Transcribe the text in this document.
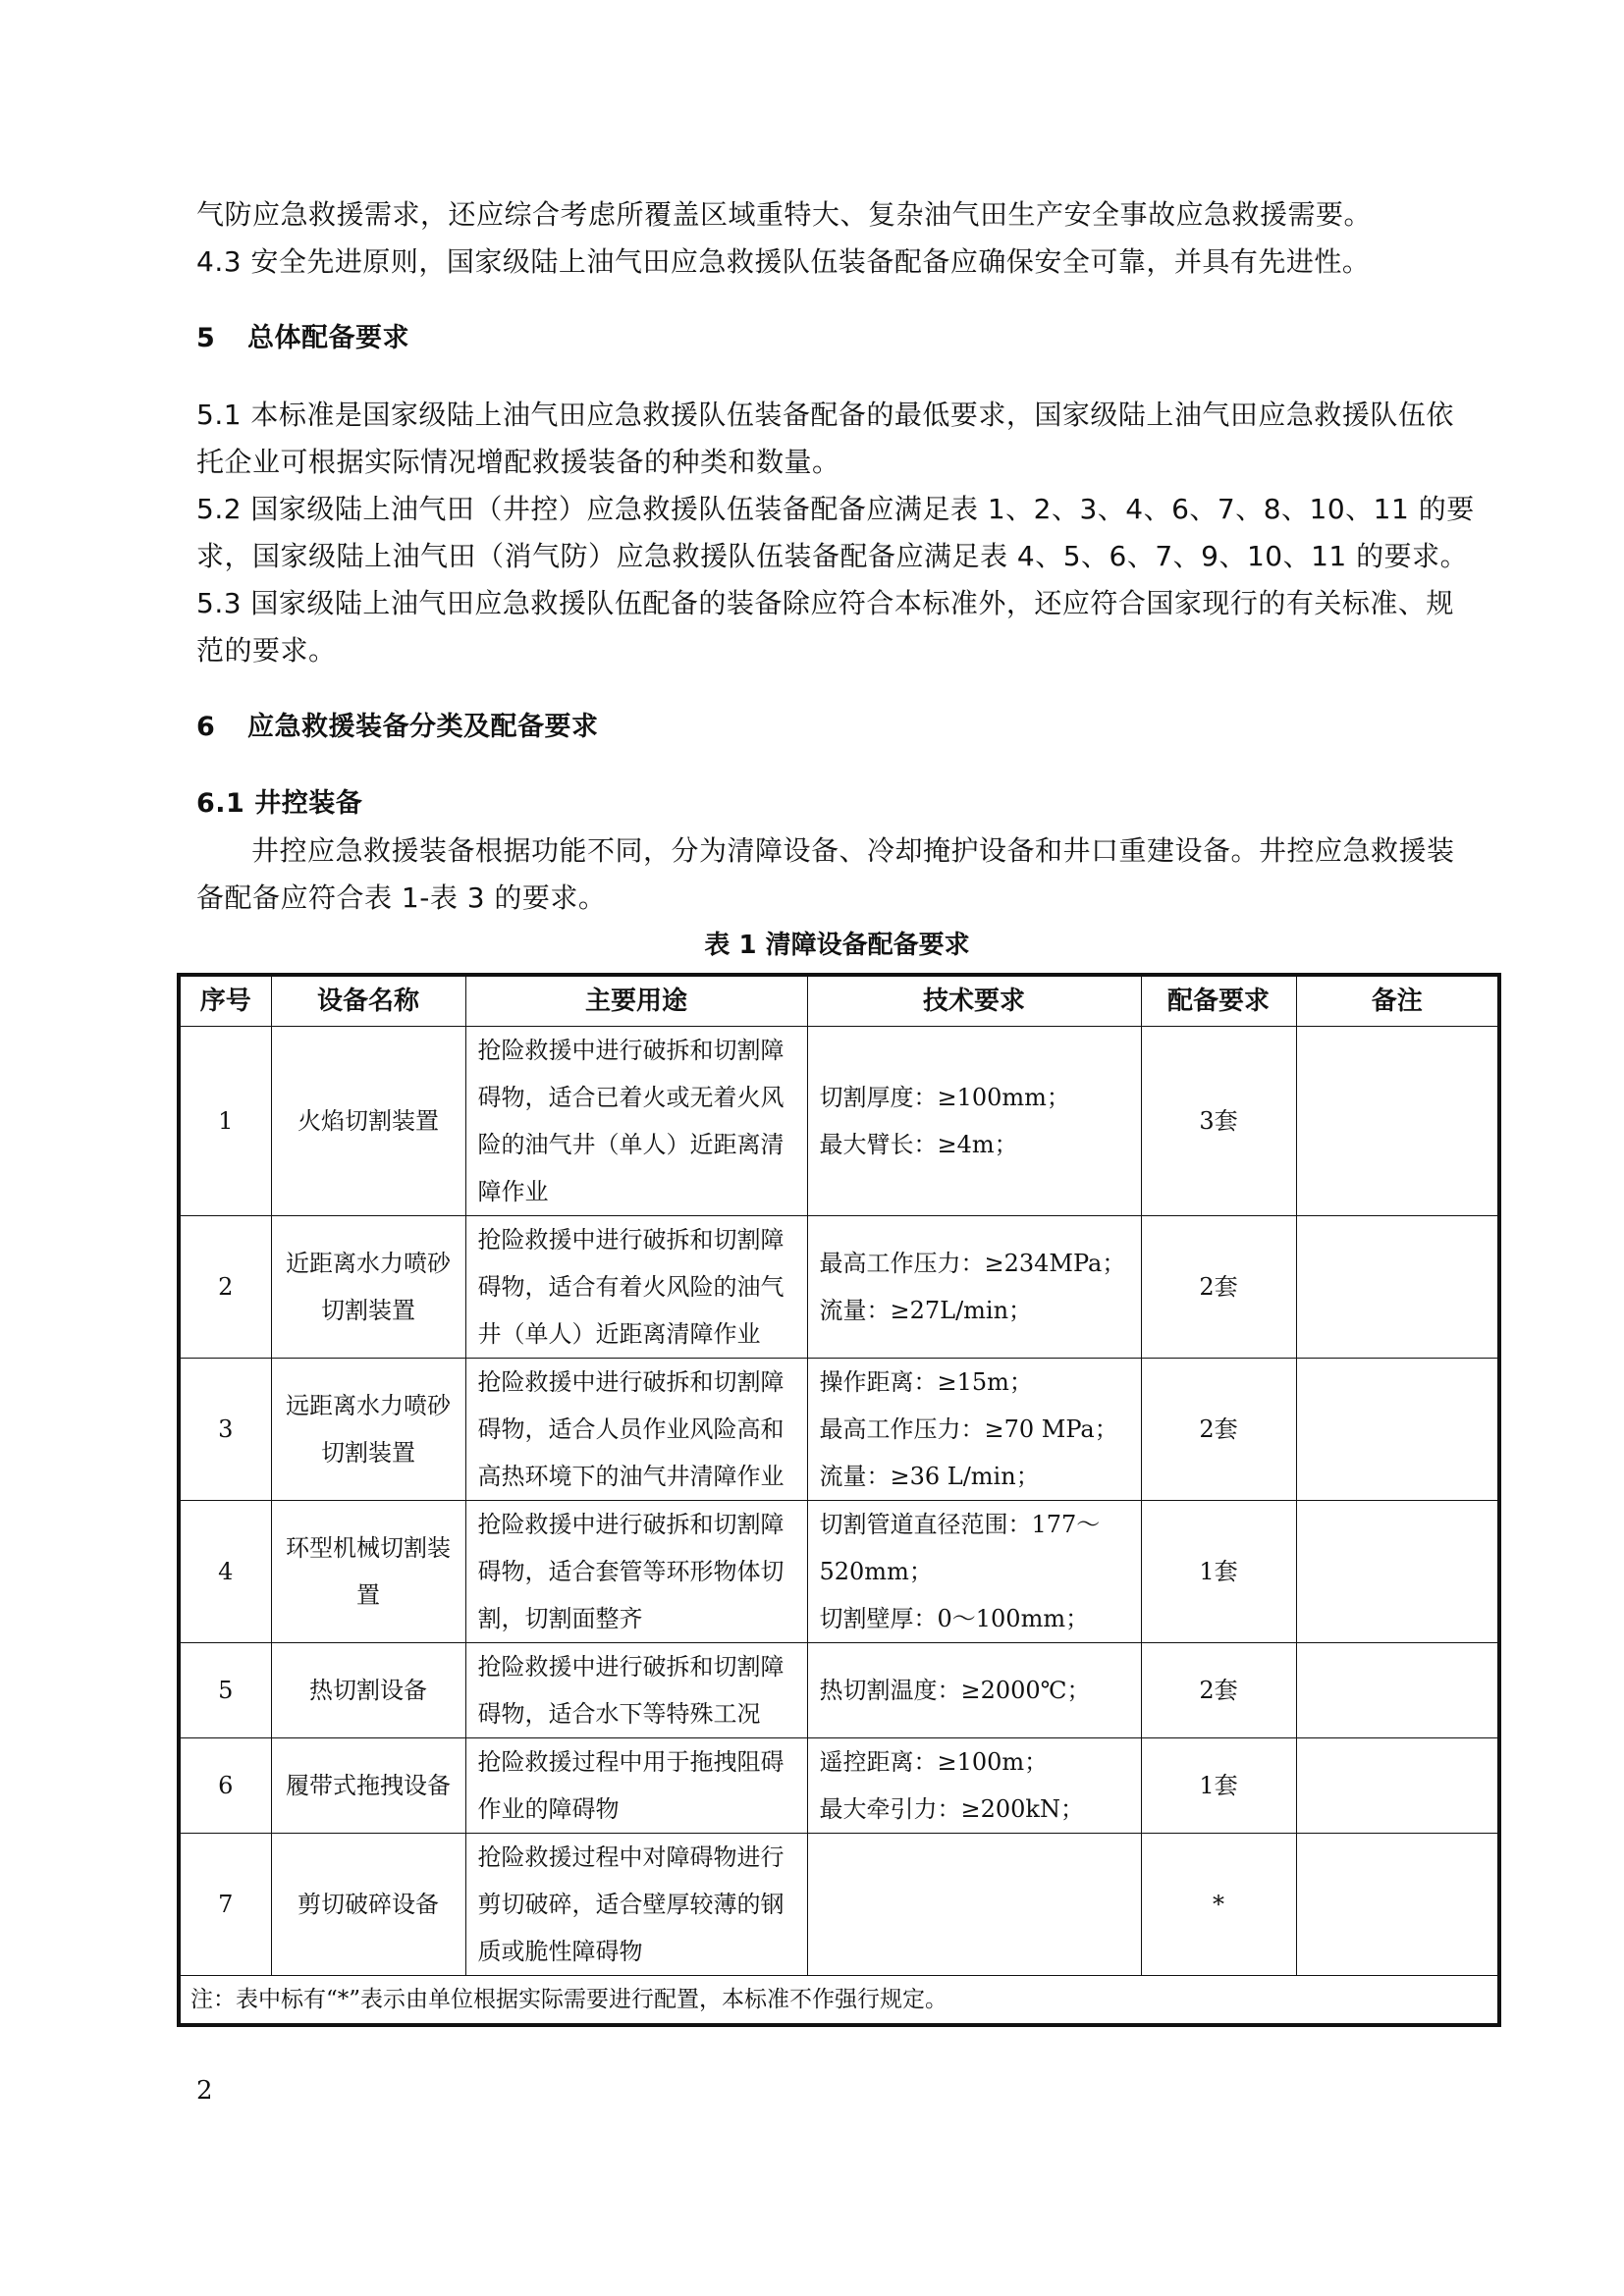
气防应急救援需求，还应综合考虑所覆盖区域重特大、复杂油气田生产安全事故应急救援需要。

4.3 安全先进原则，国家级陆上油气田应急救援队伍装备配备应确保安全可靠，并具有先进性。

5 总体配备要求

5.1 本标准是国家级陆上油气田应急救援队伍装备配备的最低要求，国家级陆上油气田应急救援队伍依托企业可根据实际情况增配救援装备的种类和数量。

5.2 国家级陆上油气田（井控）应急救援队伍装备配备应满足表 1、2、3、4、6、7、8、10、11 的要求，国家级陆上油气田（消气防）应急救援队伍装备配备应满足表 4、5、6、7、9、10、11 的要求。

5.3 国家级陆上油气田应急救援队伍配备的装备除应符合本标准外，还应符合国家现行的有关标准、规范的要求。

6 应急救援装备分类及配备要求

6.1 井控装备

井控应急救援装备根据功能不同，分为清障设备、冷却掩护设备和井口重建设备。井控应急救援装备配备应符合表 1-表 3 的要求。

表 1 清障设备配备要求
序号	设备名称	主要用途	技术要求	配备要求	备注
1	火焰切割装置	抢险救援中进行破拆和切割障碍物，适合已着火或无着火风险的油气井（单人）近距离清障作业	切割厚度：≥100mm；
最大臂长：≥4m；	3套	
2	近距离水力喷砂切割装置	抢险救援中进行破拆和切割障碍物，适合有着火风险的油气井（单人）近距离清障作业	最高工作压力：≥234MPa；
流量：≥27L/min；	2套	
3	远距离水力喷砂切割装置	抢险救援中进行破拆和切割障碍物，适合人员作业风险高和高热环境下的油气井清障作业	操作距离：≥15m；
最高工作压力：≥70 MPa；
流量：≥36 L/min；	2套	
4	环型机械切割装置	抢险救援中进行破拆和切割障碍物，适合套管等环形物体切割，切割面整齐	切割管道直径范围：177～520mm；
切割壁厚：0～100mm；	1套	
5	热切割设备	抢险救援中进行破拆和切割障碍物，适合水下等特殊工况	热切割温度：≥2000℃；	2套	
6	履带式拖拽设备	抢险救援过程中用于拖拽阻碍作业的障碍物	遥控距离：≥100m；
最大牵引力：≥200kN；	1套	
7	剪切破碎设备	抢险救援过程中对障碍物进行剪切破碎，适合壁厚较薄的钢质或脆性障碍物		*	
注：表中标有“*”表示由单位根据实际需要进行配置，本标准不作强行规定。					
2
